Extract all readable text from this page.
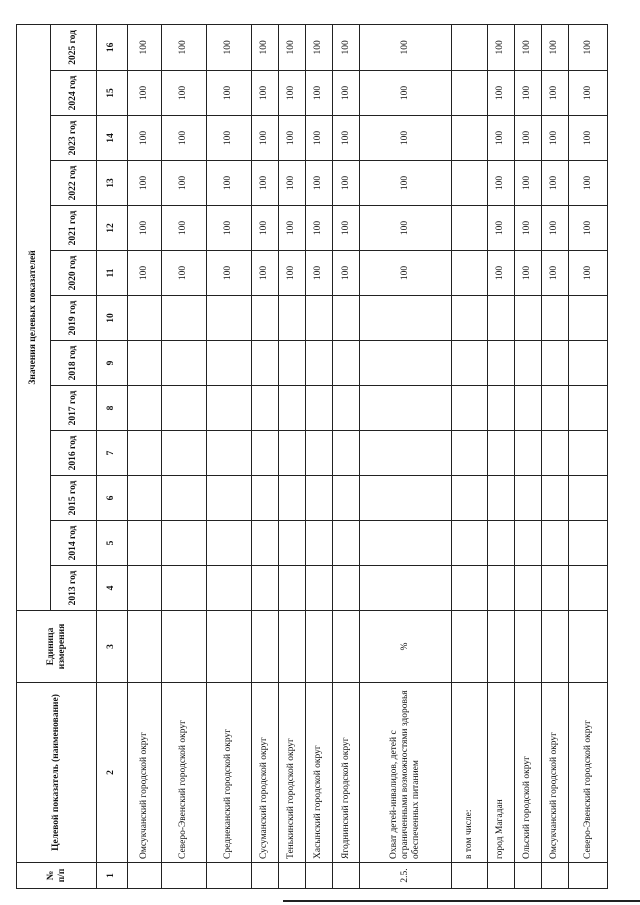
№ п/п	Целевой показатель (наименование)	Единица измерения	Значения целевых показателей												
			2013 год	2014 год	2015 год	2016 год	2017 год	2018 год	2019 год	2020 год	2021 год	2022 год	2023 год	2024 год	2025 год
1	2	3	4	5	6	7	8	9	10	11	12	13	14	15	16
	Омсукчанский городской округ									100	100	100	100	100	100
	Северо-Эвенский городской округ									100	100	100	100	100	100
	Среднеканский городской округ									100	100	100	100	100	100
	Сусуманский городской округ									100	100	100	100	100	100
	Тенькинский городской округ									100	100	100	100	100	100
	Хасынский городской округ									100	100	100	100	100	100
	Ягоднинский городской округ									100	100	100	100	100	100
2.5.	Охват детей-инвалидов, детей с ограниченными возможностями здоровья обеспеченных питанием	%								100	100	100	100	100	100
	в том числе:														
	город Магадан									100	100	100	100	100	100
	Ольский городской округ									100	100	100	100	100	100
	Омсукчанский городской округ									100	100	100	100	100	100
	Северо-Эвенский городской округ									100	100	100	100	100	100
